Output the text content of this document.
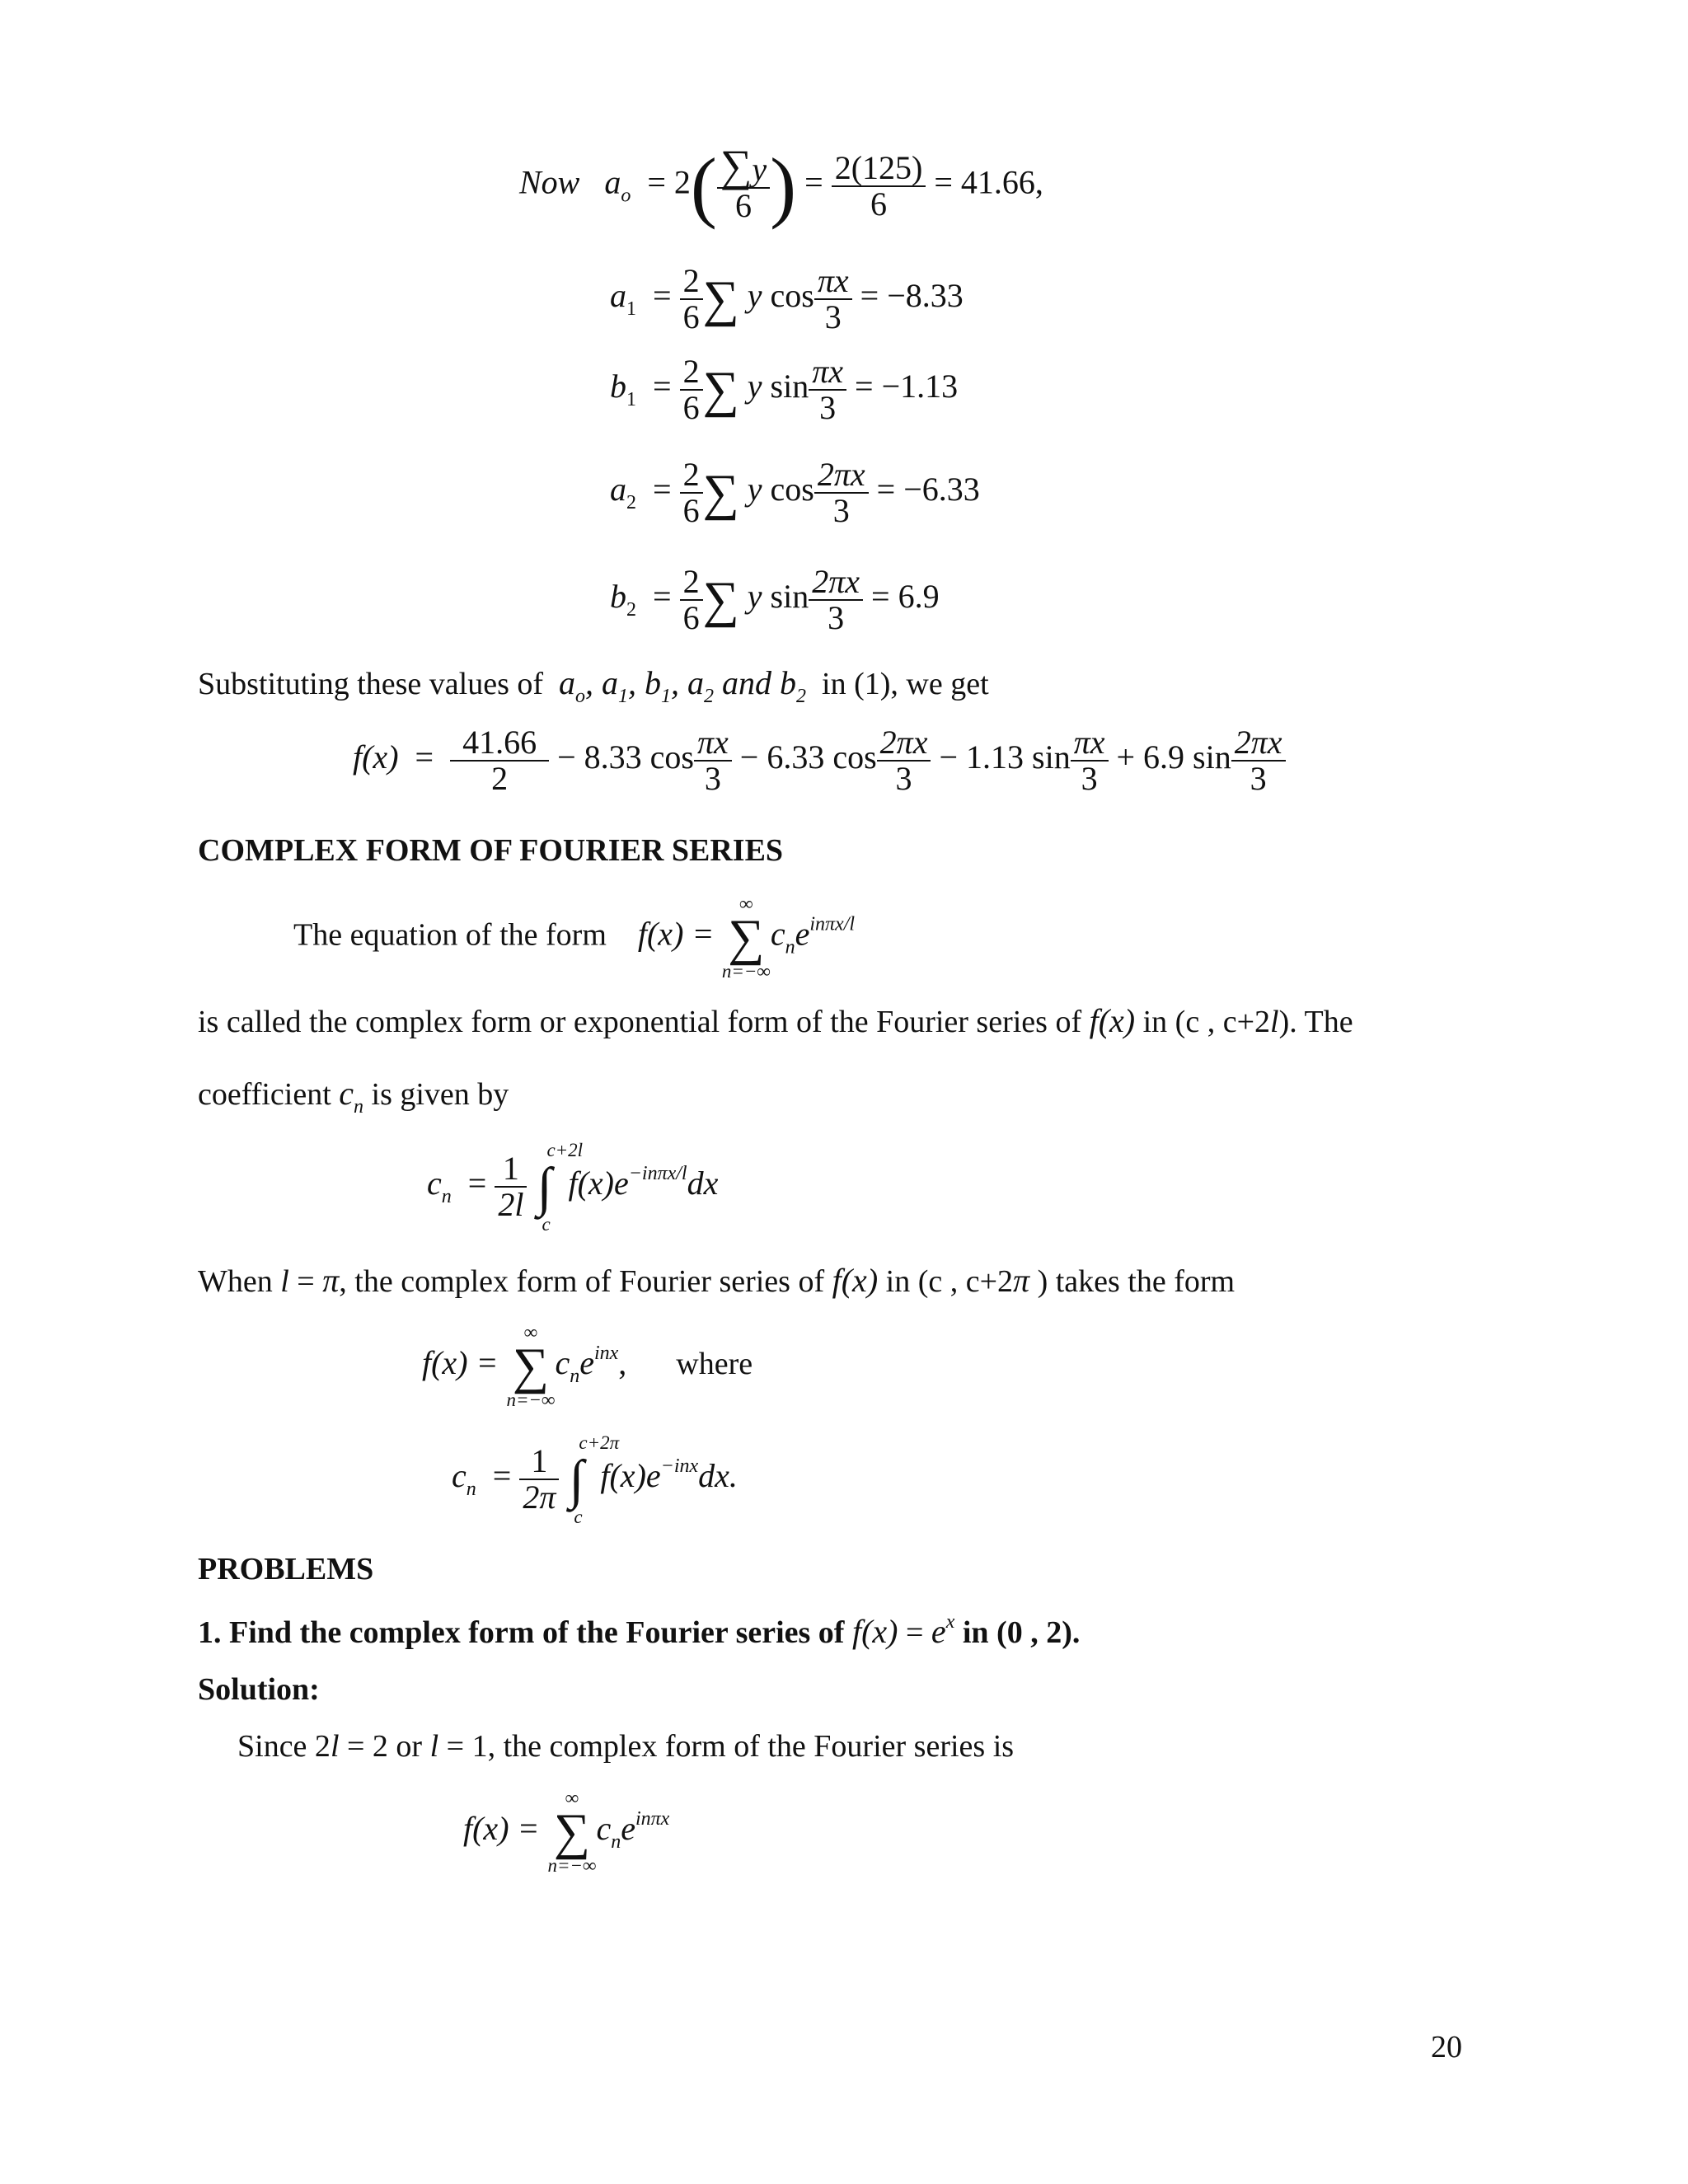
Now $a_o = 2( \frac{\sum y}{6}$ ) = $\frac{2(125)}{6} = 41.66$,
$a_1 = \frac{2}{6}$ ∑ y $\cos \frac{\pi x}{3} = -8.33$
$b_1 = \frac{2}{6}$ ∑ y $\sin \frac{\pi x}{3} = -1.13$
$a_2 = \frac{2}{6}$ ∑ y $\cos \frac{2\pi x}{3} = -6.33$
$b_2 = \frac{2}{6}$ ∑ y $\sin \frac{2\pi x}{3} = 6.9$
Substituting these values of $a_o$, $a_1$, $b_1$, $a_2$ and $b_2$ in (1), we get
$f(x) = \frac{41.66}{2} - 8.33$ $\cos \frac{\pi x}{3} - 6.33$ $\cos \frac{2\pi x}{3} - 1.13$ $\sin \frac{\pi x}{3} + 6.9$ $\sin \frac{2\pi x}{3}$
COMPLEX FORM OF FOURIER SERIES
The equation of the form f(x) =
∞
∑
n=−∞
$c_ne^{in\pi x/l}$
is called the complex form or exponential form of the Fourier series of f(x) in (c , c+2l). The
coefficient $c_n$ is given by
$c_n = \frac{1}{2l}$

c+2l
∫
c
$f(x)e^{-in\pi x/l}dx$
When l = π, the complex form of Fourier series of f(x) in (c , c+2π ) takes the form
f(x) =
∞
∑
n=−∞
$c_ne^{inx}$, where
$c_n = \frac{1}{2\pi}$

c+2π
∫
c
$f(x)e^{-inx}dx$.
PROBLEMS
1. Find the complex form of the Fourier series of $f(x) = e^x$ in (0 , 2).
Solution:
Since 2l = 2 or l = 1, the complex form of the Fourier series is
f(x) =
∞
∑
n=−∞
$c_ne^{in\pi x}$
20
